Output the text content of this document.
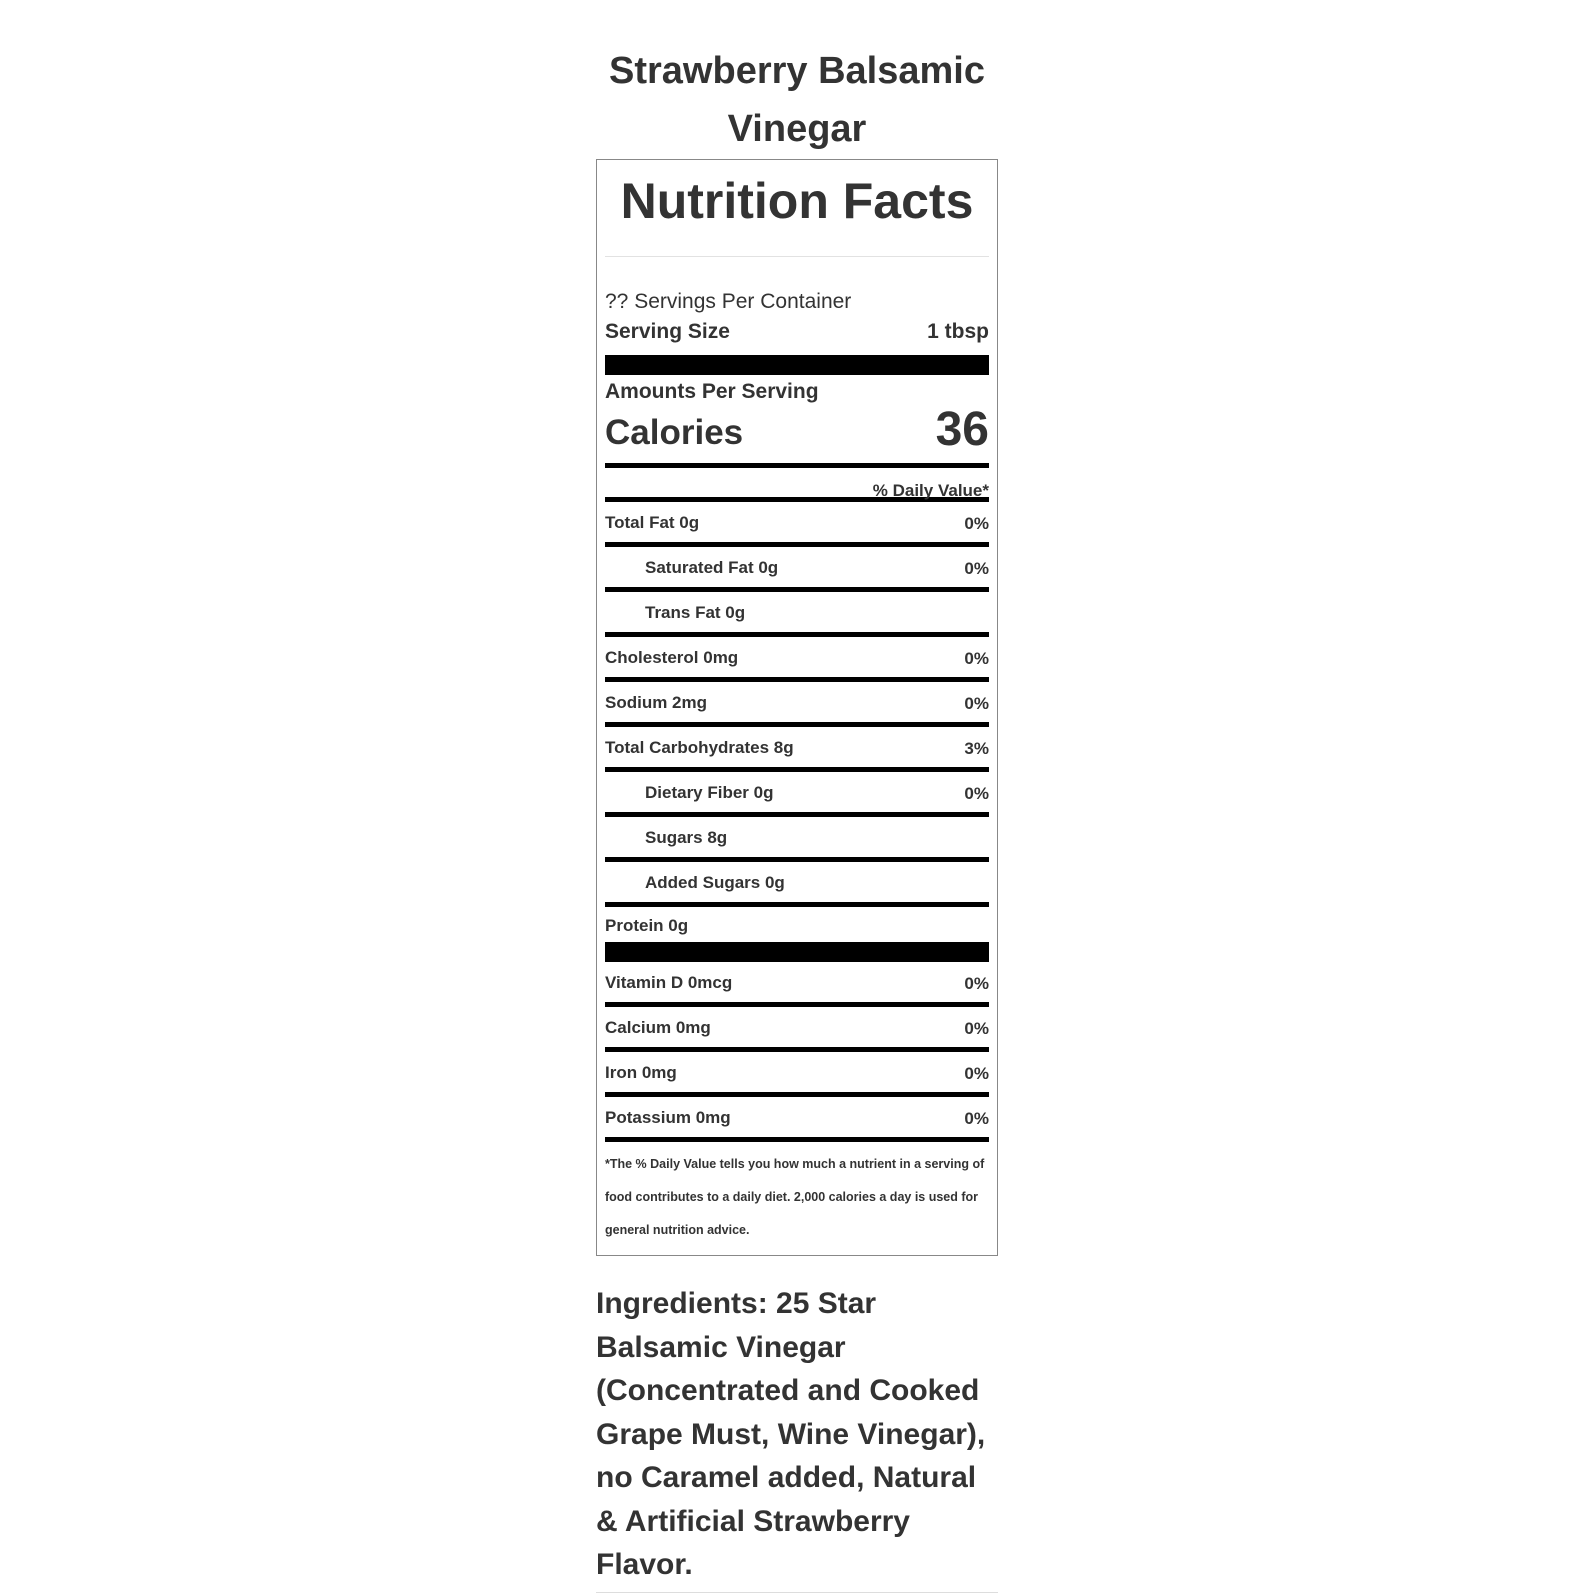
Strawberry Balsamic Vinegar
Nutrition Facts
?? Servings Per Container
Serving Size	1 tbsp
Amounts Per Serving
Calories	36
% Daily Value*
Total Fat 0g	0%
Saturated Fat 0g	0%
Trans Fat 0g
Cholesterol 0mg	0%
Sodium 2mg	0%
Total Carbohydrates 8g	3%
Dietary Fiber 0g	0%
Sugars 8g
Added Sugars 0g
Protein 0g
Vitamin D 0mcg	0%
Calcium 0mg	0%
Iron 0mg	0%
Potassium 0mg	0%
*The % Daily Value tells you how much a nutrient in a serving of food contributes to a daily diet. 2,000 calories a day is used for general nutrition advice.
Ingredients: 25 Star Balsamic Vinegar (Concentrated and Cooked Grape Must, Wine Vinegar), no Caramel added, Natural & Artificial Strawberry Flavor.
